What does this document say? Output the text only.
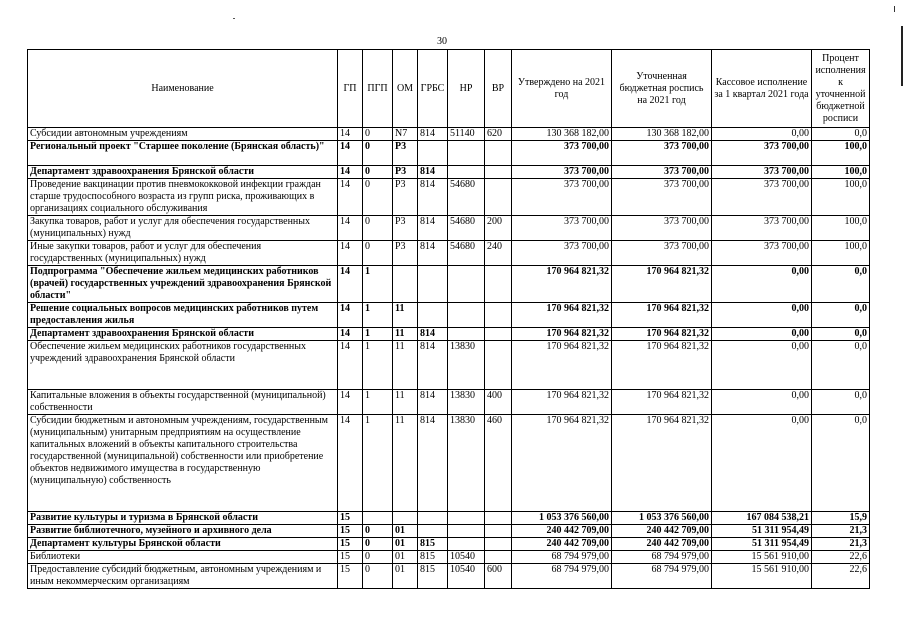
30
Наименование	ГП	ПГП	ОМ	ГРБС	НР	ВР	Утверждено на 2021 год	Уточненная бюджетная роспись на 2021 год	Кассовое исполнение за 1 квартал 2021 года	Процент исполнения к уточненной бюджетной росписи
Субсидии автономным учреждениям	14	0	N7	814	51140	620	130 368 182,00	130 368 182,00	0,00	0,0
Региональный проект "Старшее поколение (Брянская область)"	14	0	P3				373 700,00	373 700,00	373 700,00	100,0
Департамент здравоохранения Брянской области	14	0	P3	814			373 700,00	373 700,00	373 700,00	100,0
Проведение вакцинации против пневмококковой инфекции граждан старше трудоспособного возраста из групп риска, проживающих в организациях социального обслуживания	14	0	P3	814	54680		373 700,00	373 700,00	373 700,00	100,0
Закупка товаров, работ и услуг для обеспечения государственных (муниципальных) нужд	14	0	P3	814	54680	200	373 700,00	373 700,00	373 700,00	100,0
Иные закупки товаров, работ и услуг для обеспечения государственных (муниципальных) нужд	14	0	P3	814	54680	240	373 700,00	373 700,00	373 700,00	100,0
Подпрограмма "Обеспечение жильем медицинских работников (врачей) государственных учреждений здравоохранения Брянской области"	14	1					170 964 821,32	170 964 821,32	0,00	0,0
Решение социальных вопросов медицинских работников путем предоставления жилья	14	1	11				170 964 821,32	170 964 821,32	0,00	0,0
Департамент здравоохранения Брянской области	14	1	11	814			170 964 821,32	170 964 821,32	0,00	0,0
Обеспечение жильем медицинских работников государственных учреждений здравоохранения Брянской области	14	1	11	814	13830		170 964 821,32	170 964 821,32	0,00	0,0
Капитальные вложения в объекты государственной (муниципальной) собственности	14	1	11	814	13830	400	170 964 821,32	170 964 821,32	0,00	0,0
Субсидии бюджетным и автономным учреждениям, государственным (муниципальным) унитарным предприятиям на осуществление капитальных вложений в объекты капитального строительства государственной (муниципальной) собственности или приобретение объектов недвижимого имущества в государственную (муниципальную) собственность	14	1	11	814	13830	460	170 964 821,32	170 964 821,32	0,00	0,0
Развитие культуры и туризма в Брянской области	15						1 053 376 560,00	1 053 376 560,00	167 084 538,21	15,9
Развитие библиотечного, музейного и архивного дела	15	0	01				240 442 709,00	240 442 709,00	51 311 954,49	21,3
Департамент культуры Брянской области	15	0	01	815			240 442 709,00	240 442 709,00	51 311 954,49	21,3
Библиотеки	15	0	01	815	10540		68 794 979,00	68 794 979,00	15 561 910,00	22,6
Предоставление субсидий бюджетным, автономным учреждениям и иным некоммерческим организациям	15	0	01	815	10540	600	68 794 979,00	68 794 979,00	15 561 910,00	22,6
